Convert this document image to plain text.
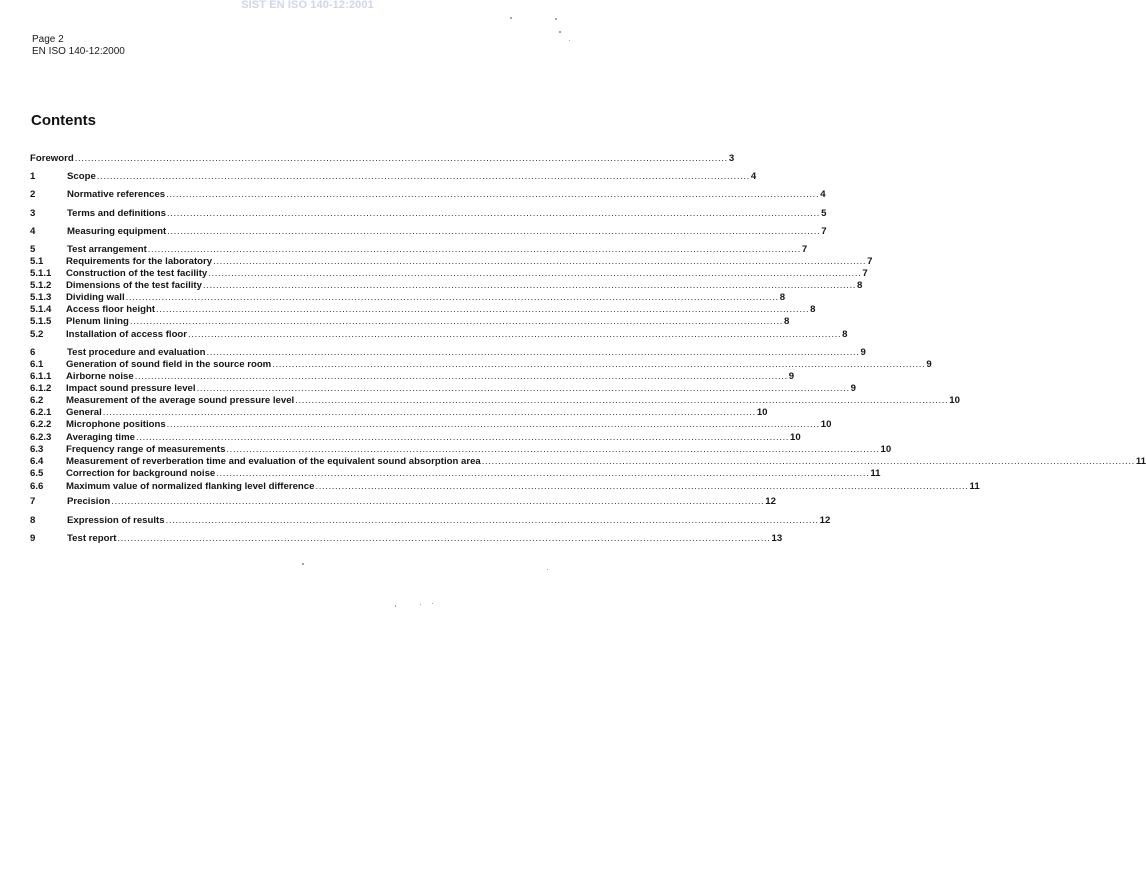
SIST EN ISO 140-12:2001
Page 2
EN ISO 140-12:2000
Contents
Foreword ........................................................................................................................................................................................................ 3
1	Scope ........................................................................................................................................................................................................ 4
2	Normative references ........................................................................................................................................................................................................ 4
3	Terms and definitions ........................................................................................................................................................................................................ 5
4	Measuring equipment ........................................................................................................................................................................................................ 7
5	Test arrangement ........................................................................................................................................................................................................ 7
5.1	Requirements for the laboratory ........................................................................................................................................................................................................ 7
5.1.1	Construction of the test facility ........................................................................................................................................................................................................ 7
5.1.2	Dimensions of the test facility ........................................................................................................................................................................................................ 8
5.1.3	Dividing wall ........................................................................................................................................................................................................ 8
5.1.4	Access floor height ........................................................................................................................................................................................................ 8
5.1.5	Plenum lining ........................................................................................................................................................................................................ 8
5.2	Installation of access floor ........................................................................................................................................................................................................ 8
6	Test procedure and evaluation ........................................................................................................................................................................................................ 9
6.1	Generation of sound field in the source room ........................................................................................................................................................................................................ 9
6.1.1	Airborne noise ........................................................................................................................................................................................................ 9
6.1.2	Impact sound pressure level ........................................................................................................................................................................................................ 9
6.2	Measurement of the average sound pressure level ........................................................................................................................................................................................................ 10
6.2.1	General ........................................................................................................................................................................................................ 10
6.2.2	Microphone positions ........................................................................................................................................................................................................ 10
6.2.3	Averaging time ........................................................................................................................................................................................................ 10
6.3	Frequency range of measurements ........................................................................................................................................................................................................ 10
6.4	Measurement of reverberation time and evaluation of the equivalent sound absorption area ........................................................................................................................................................................................................ 11
6.5	Correction for background noise ........................................................................................................................................................................................................ 11
6.6	Maximum value of normalized flanking level difference ........................................................................................................................................................................................................ 11
7	Precision ........................................................................................................................................................................................................ 12
8	Expression of results ........................................................................................................................................................................................................ 12
9	Test report ........................................................................................................................................................................................................ 13
